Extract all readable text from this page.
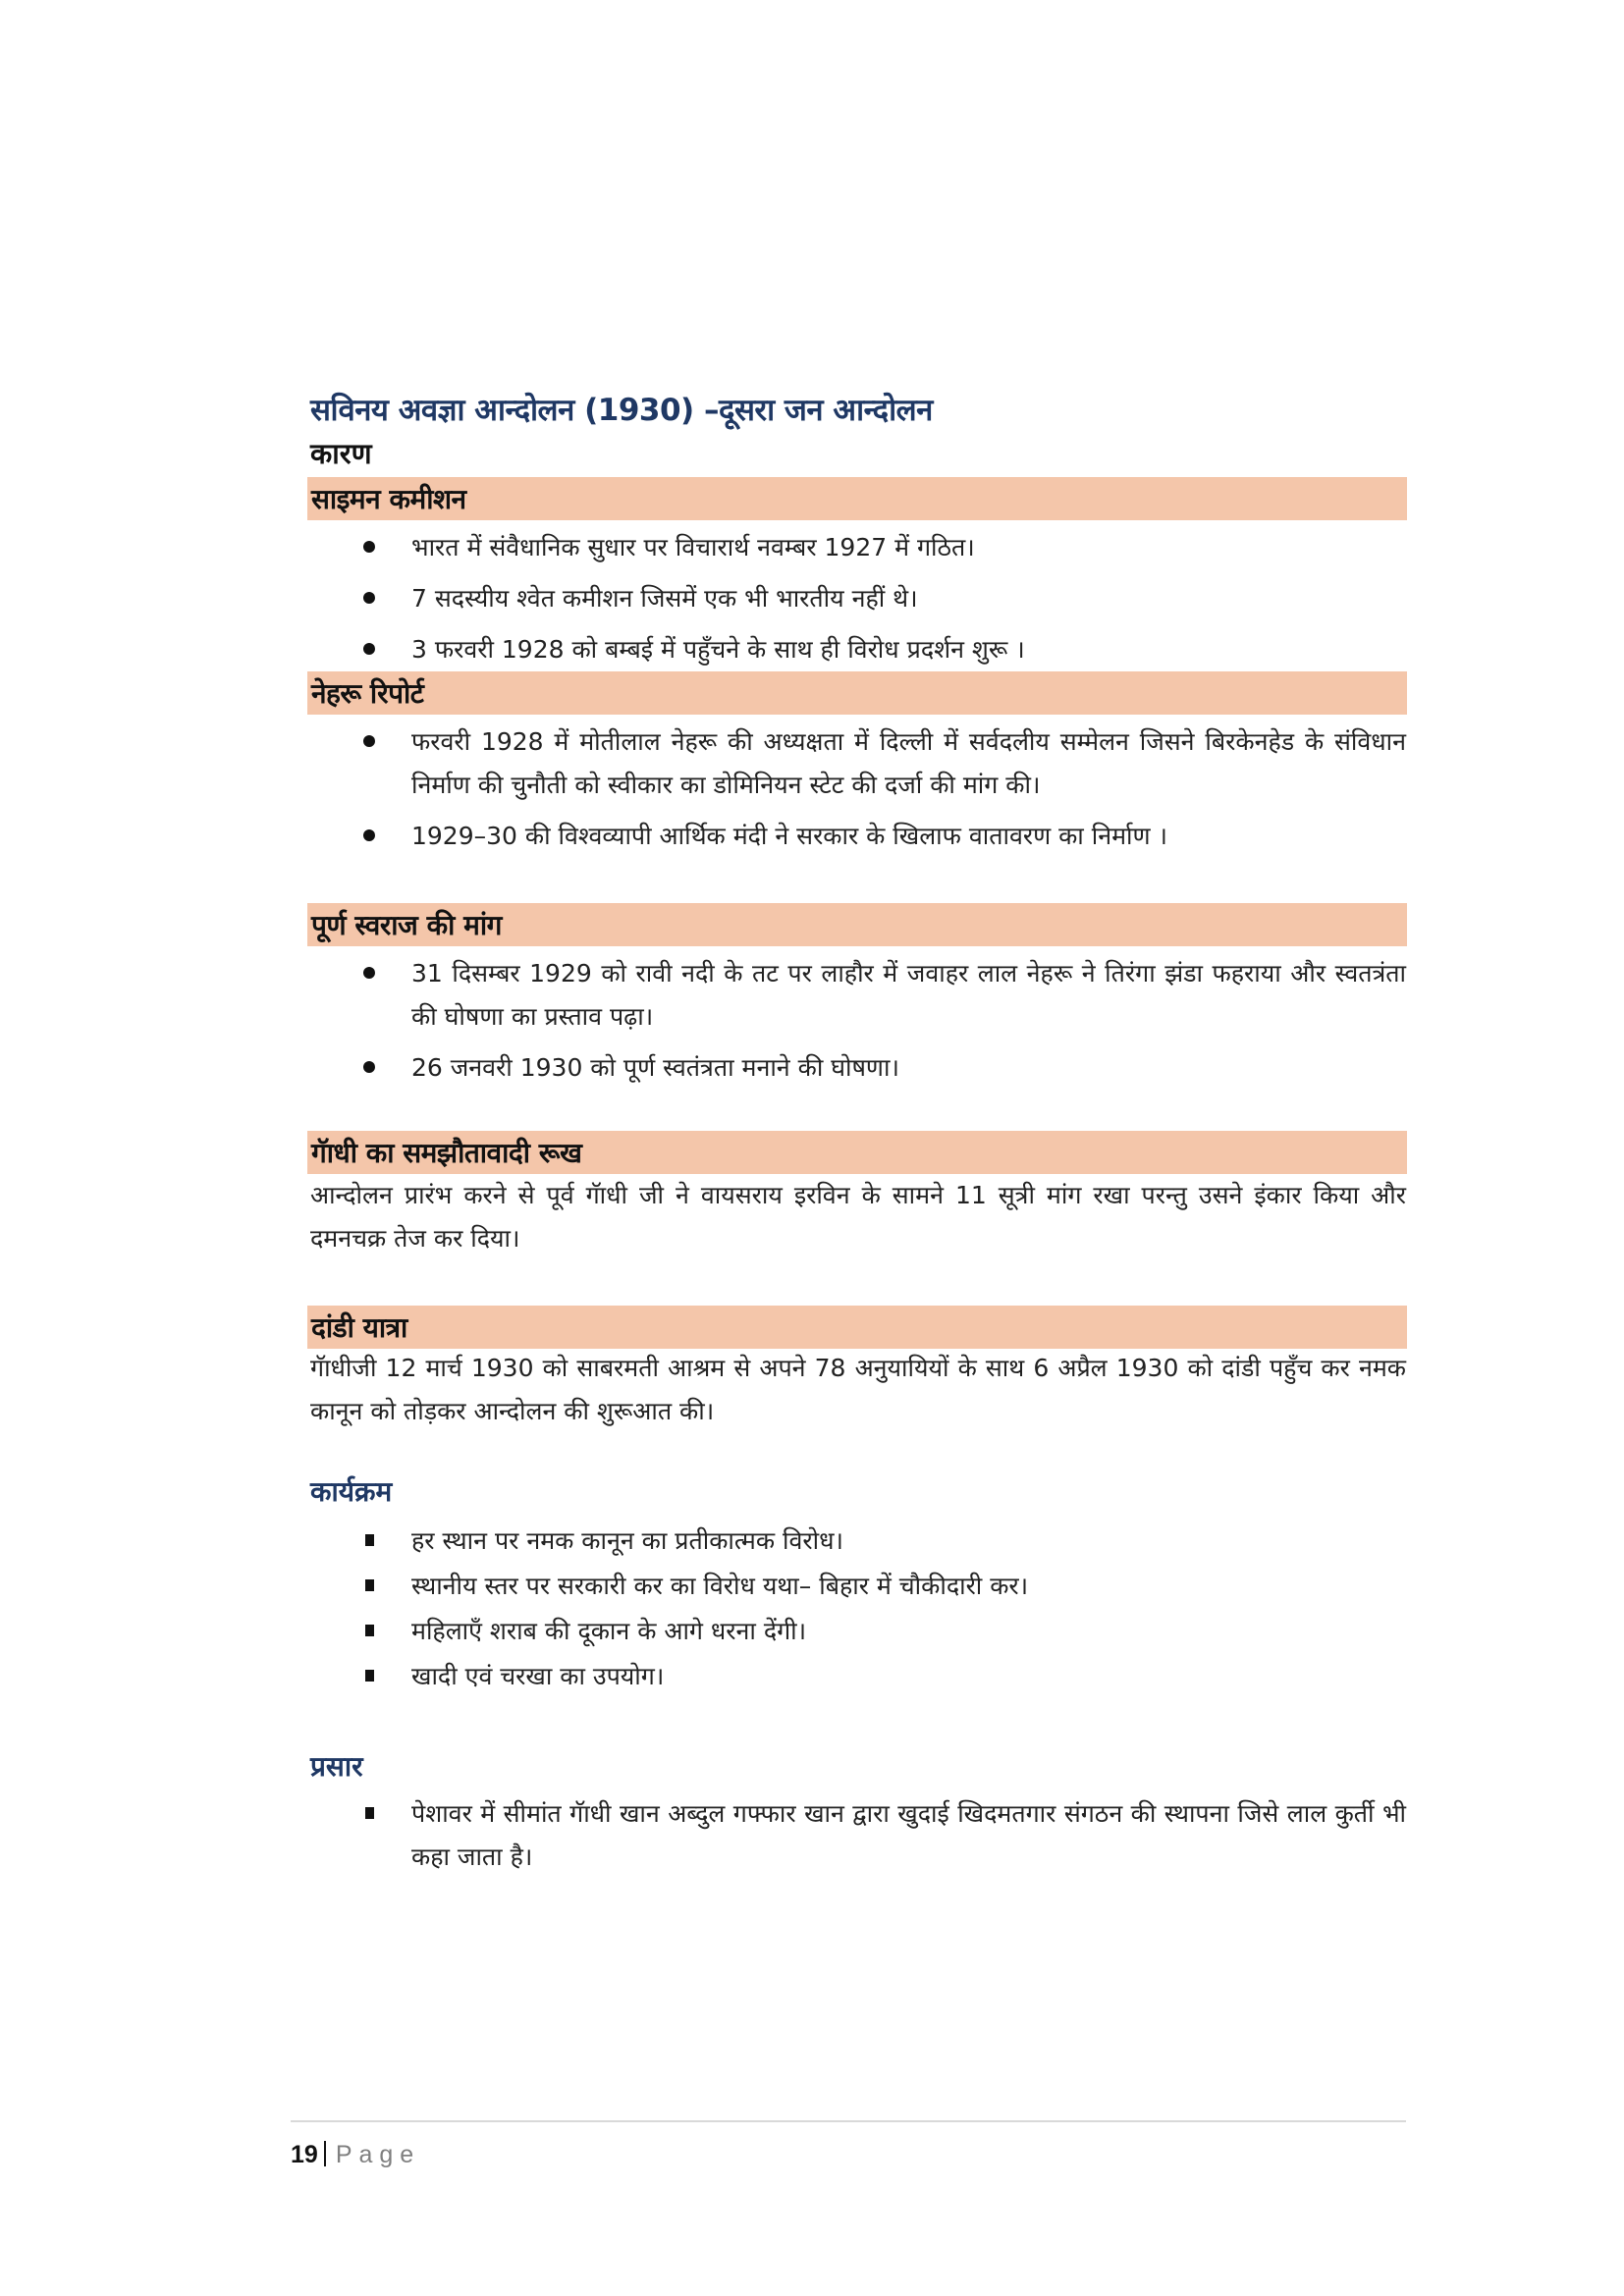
सविनय अवज्ञा आन्दोलन (1930) –दूसरा जन आन्दोलन
कारण
साइमन कमीशन
भारत में संवैधानिक सुधार पर विचारार्थ नवम्बर 1927 में गठित।
7 सदस्यीय श्वेत कमीशन जिसमें एक भी भारतीय नहीं थे।
3 फरवरी 1928 को बम्बई में पहुँचने के साथ ही विरोध प्रदर्शन शुरू ।
नेहरू रिपोर्ट
फरवरी 1928 में मोतीलाल नेहरू की अध्यक्षता में दिल्ली में सर्वदलीय सम्मेलन जिसने बिरकेनहेड के संविधान निर्माण की चुनौती को स्वीकार का डोमिनियन स्टेट की दर्जा की मांग की।
1929–30 की विश्वव्यापी आर्थिक मंदी ने सरकार के खिलाफ वातावरण का निर्माण ।
पूर्ण स्वराज की मांग
31 दिसम्बर 1929 को रावी नदी के तट पर लाहौर में जवाहर लाल नेहरू ने तिरंगा झंडा फहराया और स्वतत्रंता की घोषणा का प्रस्ताव पढ़ा।
26 जनवरी 1930 को पूर्ण स्वतंत्रता मनाने की घोषणा।
गॅाधी का समझौतावादी रूख
आन्दोलन प्रारंभ करने से पूर्व गॅाधी जी ने वायसराय इरविन के सामने 11 सूत्री मांग रखा परन्तु उसने इंकार किया और दमनचक्र तेज कर दिया।
दांडी यात्रा
गॅाधीजी 12 मार्च 1930 को साबरमती आश्रम से अपने 78 अनुयायियों के साथ 6 अप्रैल 1930 को दांडी पहुँच कर नमक कानून को तोड़कर आन्दोलन की शुरूआत की।
कार्यक्रम
हर स्थान पर नमक कानून का प्रतीकात्मक विरोध।
स्थानीय स्तर पर सरकारी कर का विरोध यथा– बिहार में चौकीदारी कर।
महिलाएँ शराब की दूकान के आगे धरना देंगी।
खादी एवं चरखा का उपयोग।
प्रसार
पेशावर में सीमांत गॅाधी खान अब्दुल गफ्फार खान द्वारा खुदाई खिदमतगार संगठन की स्थापना जिसे लाल कुर्ती भी कहा जाता है।
19 Page
